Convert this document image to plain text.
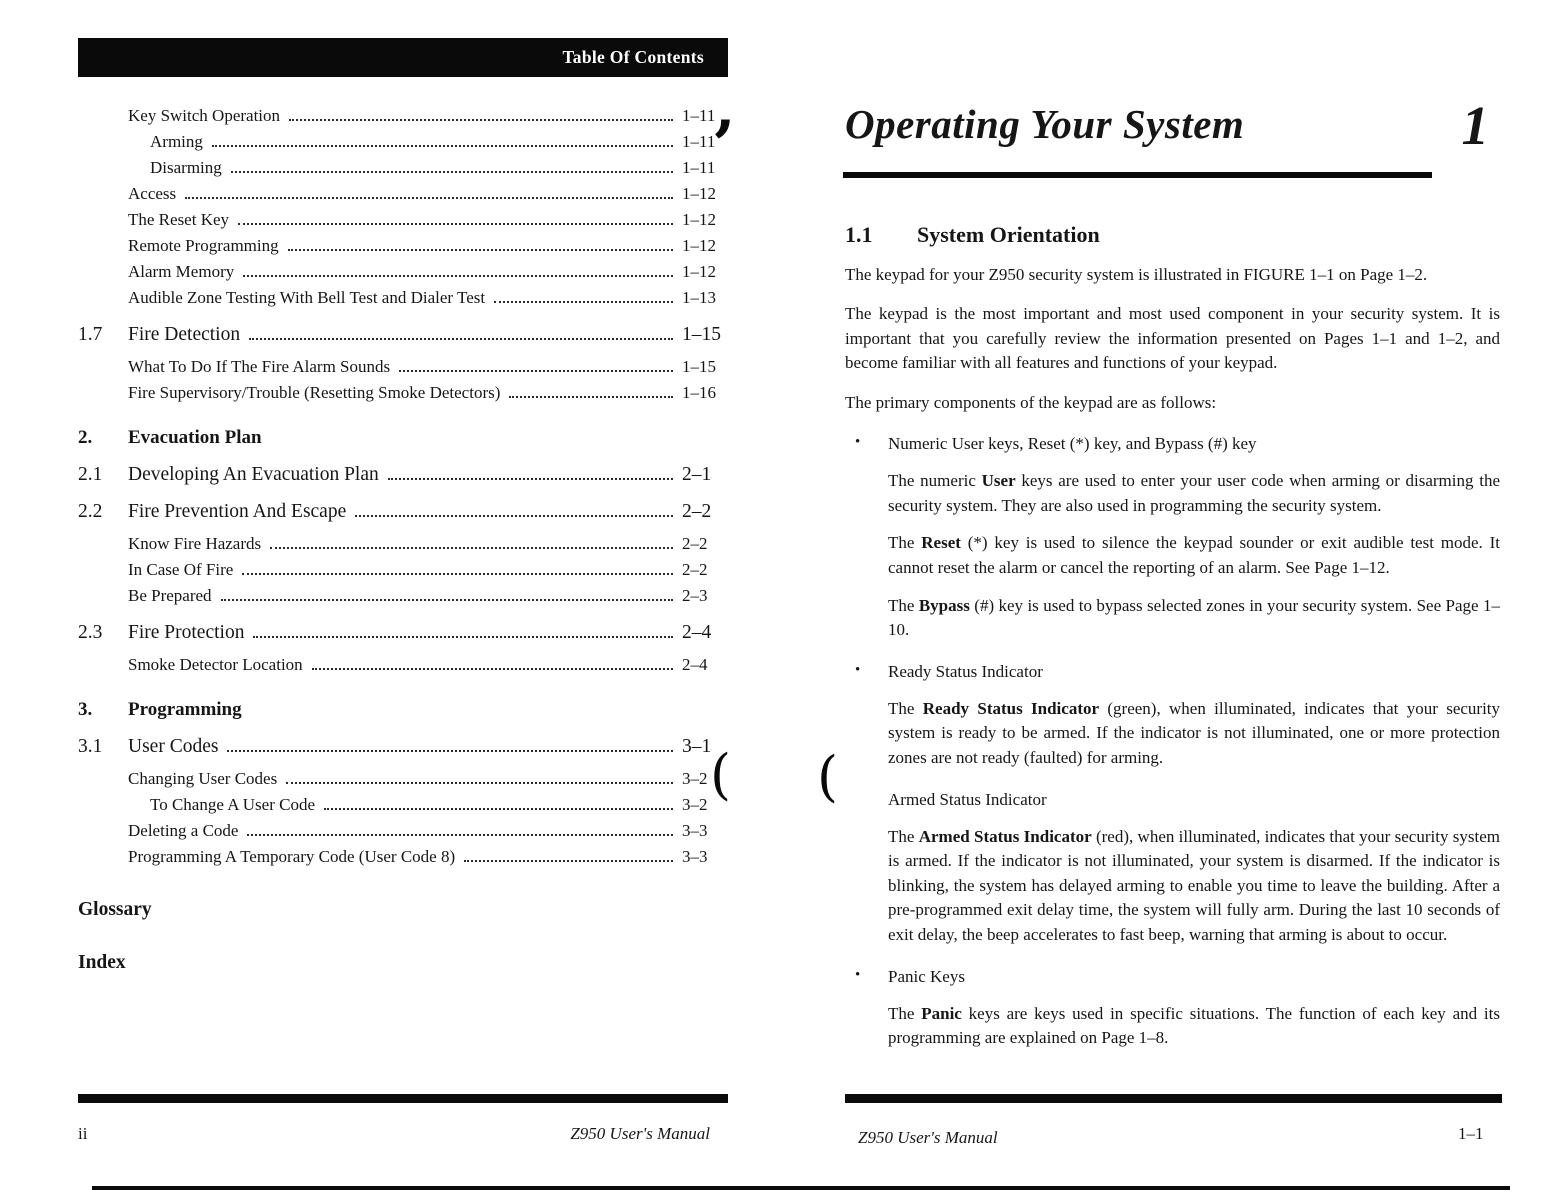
Table Of Contents
Key Switch Operation	1–11
Arming	1–11
Disarming	1–11
Access	1–12
The Reset Key	1–12
Remote Programming	1–12
Alarm Memory	1–12
Audible Zone Testing With Bell Test and Dialer Test	1–13
1.7	Fire Detection	1–15
What To Do If The Fire Alarm Sounds	1–15
Fire Supervisory/Trouble (Resetting Smoke Detectors)	1–16
2.	Evacuation Plan
2.1	Developing An Evacuation Plan	2–1
2.2	Fire Prevention And Escape	2–2
Know Fire Hazards	2–2
In Case Of Fire	2–2
Be Prepared	2–3
2.3	Fire Protection	2–4
Smoke Detector Location	2–4
3.	Programming
3.1	User Codes	3–1
Changing User Codes	3–2
To Change A User Code	3–2
Deleting a Code	3–3
Programming A Temporary Code (User Code 8)	3–3
Glossary
Index
Operating Your System	1
1.1	System Orientation

The keypad for your Z950 security system is illustrated in FIGURE 1–1 on Page 1–2.

The keypad is the most important and most used component in your security system. It is important that you carefully review the information presented on Pages 1–1 and 1–2, and become familiar with all features and functions of your keypad.

The primary components of the keypad are as follows:

•	Numeric User keys, Reset (*) key, and Bypass (#) key

The numeric User keys are used to enter your user code when arming or disarming the security system. They are also used in programming the security system.

The Reset (*) key is used to silence the keypad sounder or exit audible test mode. It cannot reset the alarm or cancel the reporting of an alarm. See Page 1–12.

The Bypass (#) key is used to bypass selected zones in your security system. See Page 1–10.

•	Ready Status Indicator

The Ready Status Indicator (green), when illuminated, indicates that your security system is ready to be armed. If the indicator is not illuminated, one or more protection zones are not ready (faulted) for arming.

Armed Status Indicator

The Armed Status Indicator (red), when illuminated, indicates that your security system is armed. If the indicator is not illuminated, your system is disarmed. If the indicator is blinking, the system has delayed arming to enable you time to leave the building. After a pre-programmed exit delay time, the system will fully arm. During the last 10 seconds of exit delay, the beep accelerates to fast beep, warning that arming is about to occur.

•	Panic Keys

The Panic keys are keys used in specific situations. The function of each key and its programming are explained on Page 1–8.

ii	Z950 User's Manual	Z950 User's Manual	1–1
’
( (
